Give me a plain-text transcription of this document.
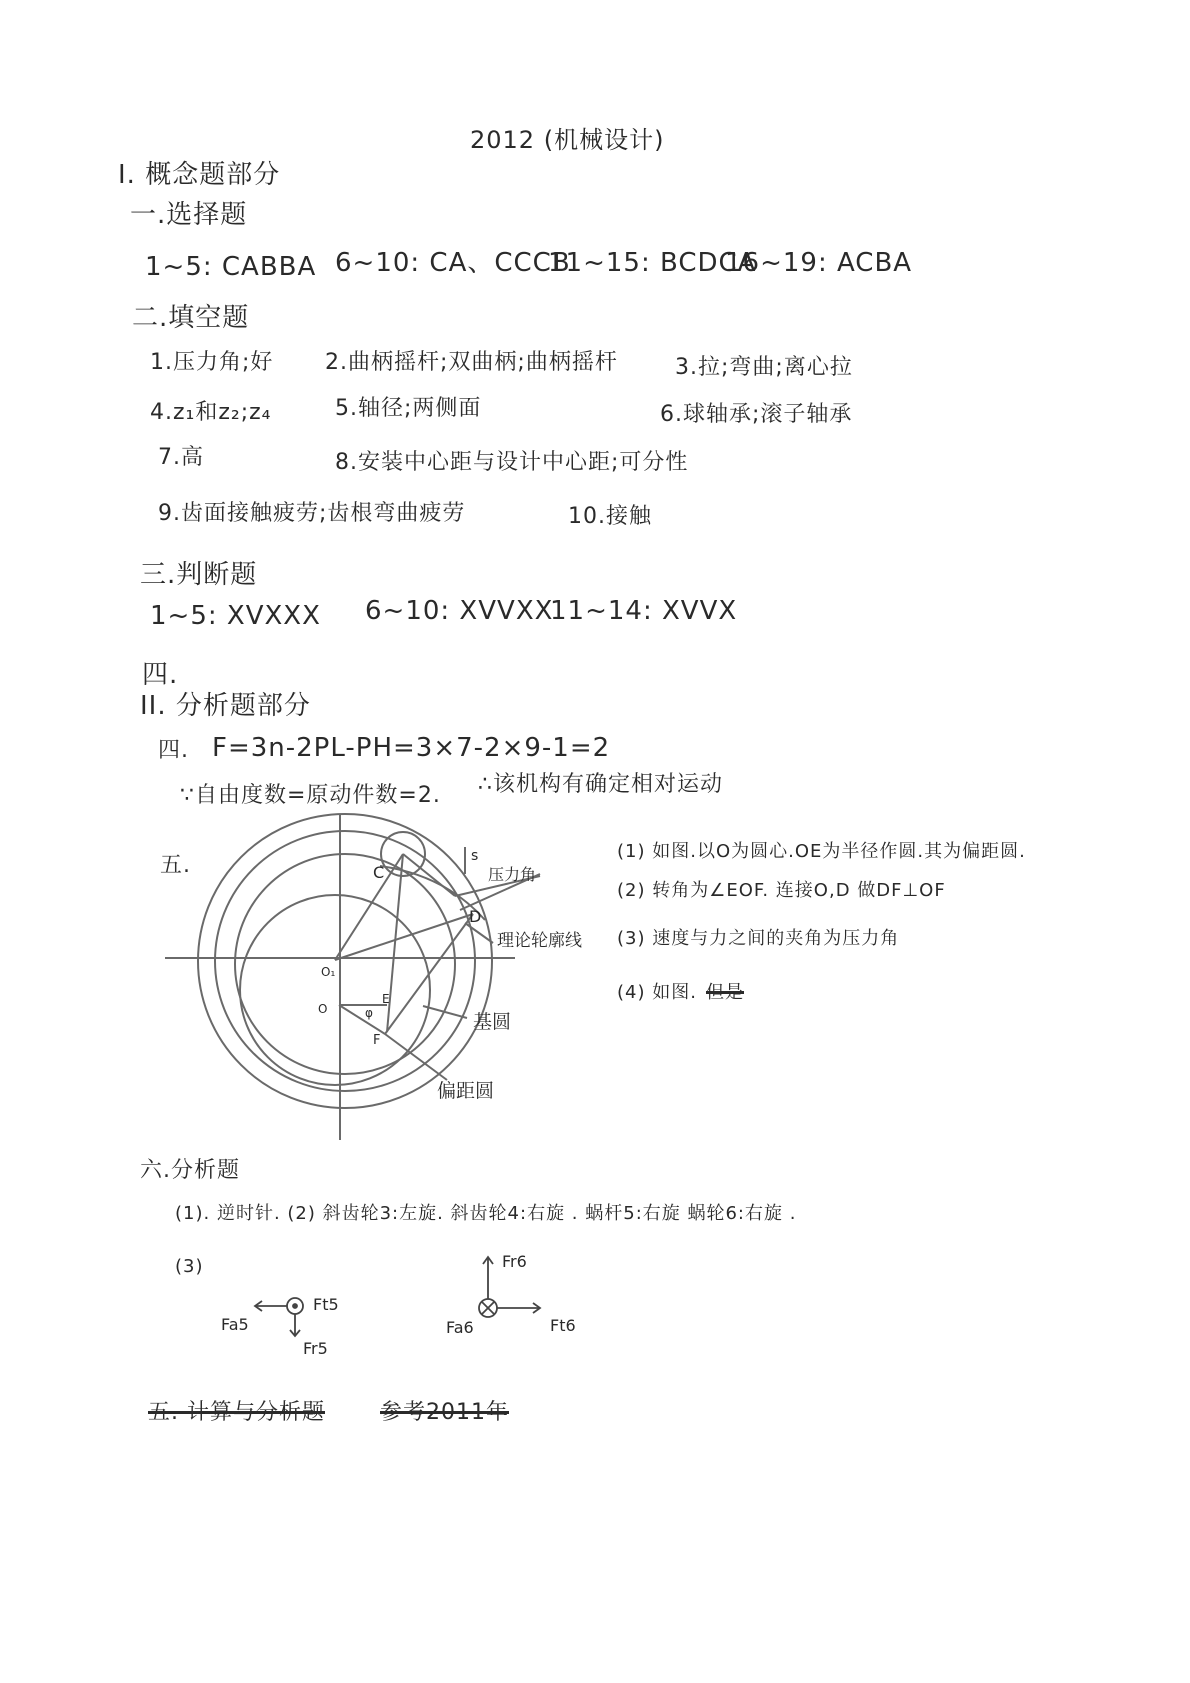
2012 (机械设计)
I. 概念题部分
一.选择题
1~5: CABBA 6~10: CA、CCCB
11~15: BCDCA
16~19: ACBA
二.填空题
1.压力角;好 2.曲柄摇杆;双曲柄;曲柄摇杆	3.拉;弯曲;离心拉
4.z₁和z₂;z₄	5.轴径;两侧面	6.球轴承;滚子轴承
7.高	8.安装中心距与设计中心距;可分性
9.齿面接触疲劳;齿根弯曲疲劳	10.接触
三.判断题
1~5: XVXXX 6~10: XVVXX
11~14: XVVX
四.
II. 分析题部分
四. F=3n-2PL-PH=3×7-2×9-1=2
∵自由度数=原动件数=2. ∴该机构有确定相对运动
五.	s
压力角
C
D
理论轮廓线
O₁
O
E
φ
F
基圆
偏距圆
(1) 如图.以O为圆心.OE为半径作圆.其为偏距圆.
(2) 转角为∠EOF. 连接O,D 做DF⊥OF
(3) 速度与力之间的夹角为压力角
(4) 如图. 但是
六.分析题
(1). 逆时针. (2) 斜齿轮3:左旋. 斜齿轮4:右旋 . 蜗杆5:右旋 蜗轮6:右旋 .
(3)
Fa5
Ft5
Fr5
Fa6
Fr6
Ft6
五. 计算与分析题	参考2011年
